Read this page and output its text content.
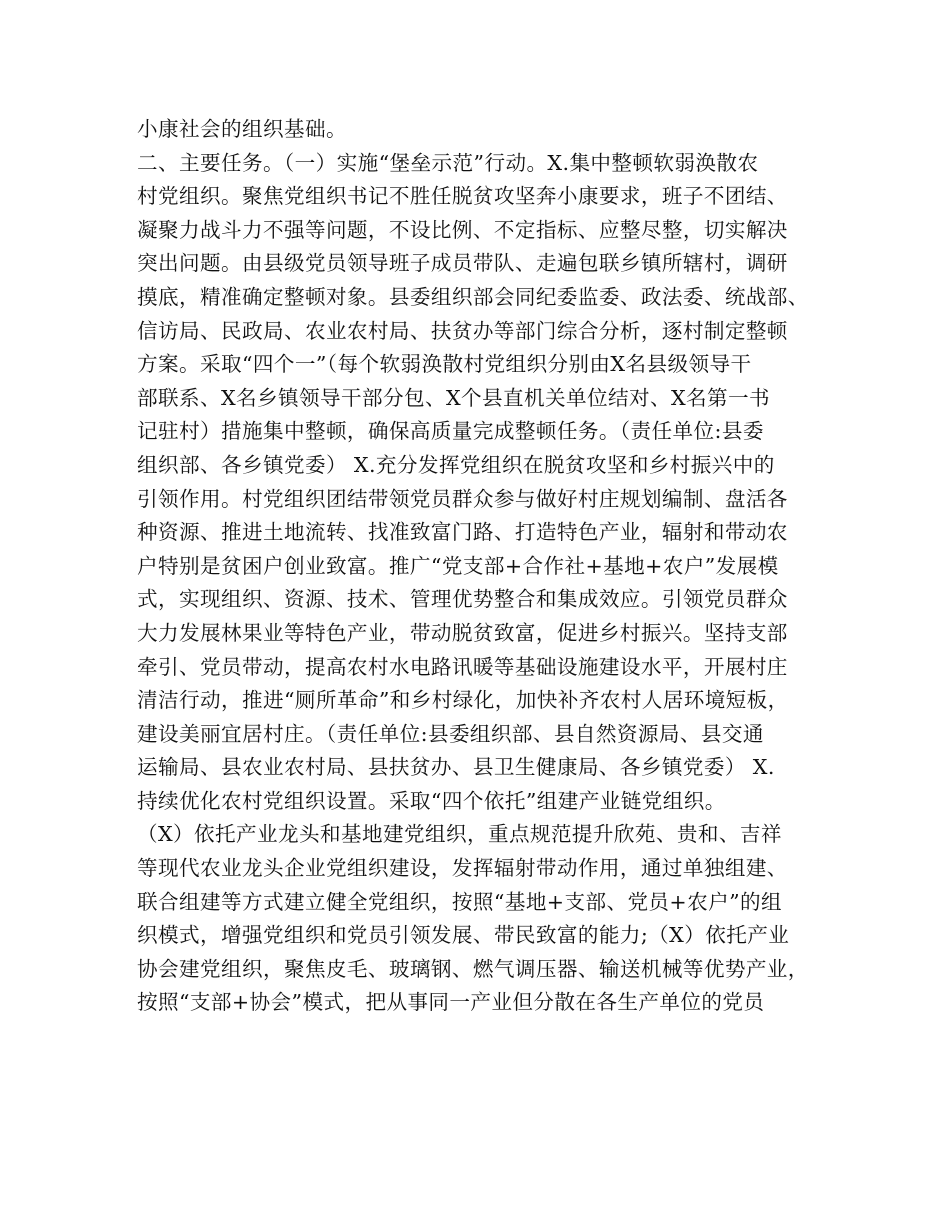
小康社会的组织基础。
二、主要任务。（一）实施“堡垒示范”行动。X.集中整顿软弱涣散农
村党组织。聚焦党组织书记不胜任脱贫攻坚奔小康要求，班子不团结、
凝聚力战斗力不强等问题，不设比例、不定指标、应整尽整，切实解决
突出问题。由县级党员领导班子成员带队、走遍包联乡镇所辖村，调研
摸底，精准确定整顿对象。县委组织部会同纪委监委、政法委、统战部、
信访局、民政局、农业农村局、扶贫办等部门综合分析，逐村制定整顿
方案。采取“四个一”（每个软弱涣散村党组织分别由X名县级领导干
部联系、X名乡镇领导干部分包、X个县直机关单位结对、X名第一书
记驻村）措施集中整顿，确保高质量完成整顿任务。（责任单位:县委
组织部、各乡镇党委） X.充分发挥党组织在脱贫攻坚和乡村振兴中的
引领作用。村党组织团结带领党员群众参与做好村庄规划编制、盘活各
种资源、推进土地流转、找准致富门路、打造特色产业，辐射和带动农
户特别是贫困户创业致富。推广“党支部+合作社+基地+农户”发展模
式，实现组织、资源、技术、管理优势整合和集成效应。引领党员群众
大力发展林果业等特色产业，带动脱贫致富，促进乡村振兴。坚持支部
牵引、党员带动，提高农村水电路讯暖等基础设施建设水平，开展村庄
清洁行动，推进“厕所革命”和乡村绿化，加快补齐农村人居环境短板，
建设美丽宜居村庄。（责任单位:县委组织部、县自然资源局、县交通
运输局、县农业农村局、县扶贫办、县卫生健康局、各乡镇党委） X.
持续优化农村党组织设置。采取“四个依托”组建产业链党组织。
（X）依托产业龙头和基地建党组织，重点规范提升欣苑、贵和、吉祥
等现代农业龙头企业党组织建设，发挥辐射带动作用，通过单独组建、
联合组建等方式建立健全党组织，按照“基地+支部、党员+农户”的组
织模式，增强党组织和党员引领发展、带民致富的能力;（X）依托产业
协会建党组织，聚焦皮毛、玻璃钢、燃气调压器、输送机械等优势产业，
按照“支部+协会”模式，把从事同一产业但分散在各生产单位的党员
